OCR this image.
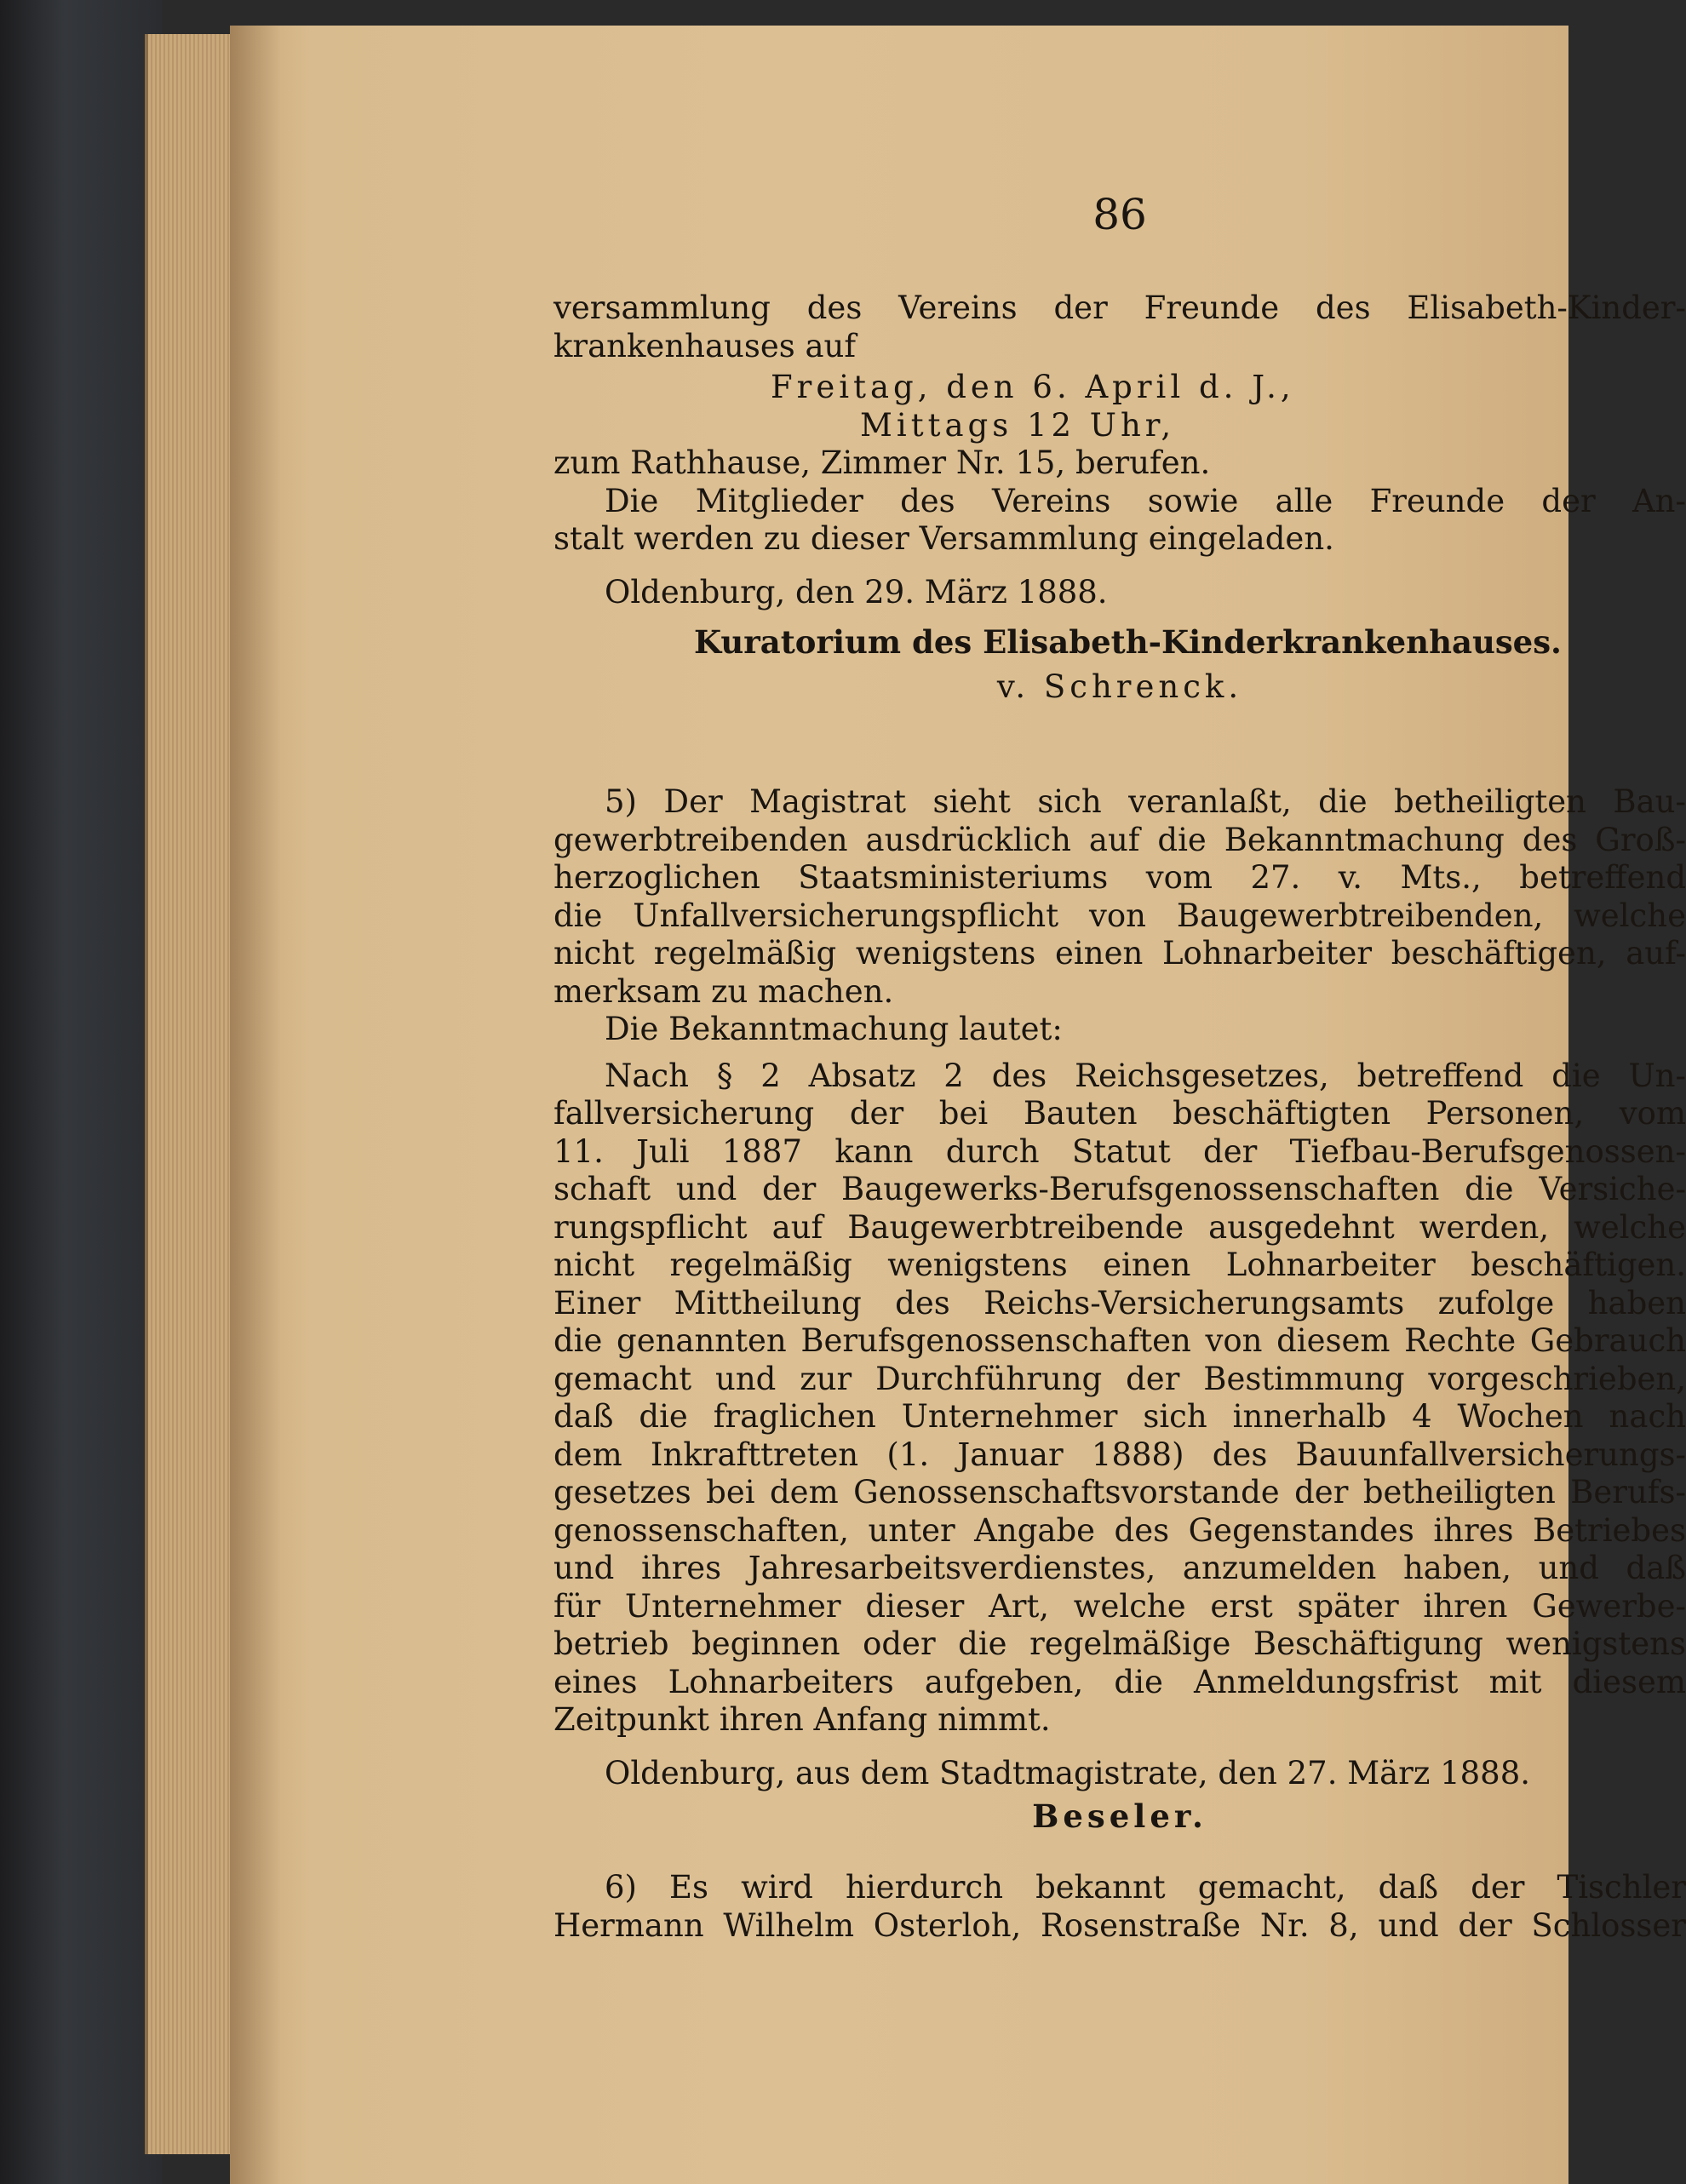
86

versammlung des Vereins der Freunde des Elisabeth-Kinder-

krankenhauses auf

Freitag, den 6. April d. J.,

Mittags 12 Uhr,

zum Rathhause, Zimmer Nr. 15, berufen.

Die Mitglieder des Vereins sowie alle Freunde der An-

stalt werden zu dieser Versammlung eingeladen.

Oldenburg, den 29. März 1888.

Kuratorium des Elisabeth-Kinderkrankenhauses.

v. Schrenck.

5) Der Magistrat sieht sich veranlaßt, die betheiligten Bau-

gewerbtreibenden ausdrücklich auf die Bekanntmachung des Groß-

herzoglichen Staatsministeriums vom 27. v. Mts., betreffend

die Unfallversicherungspflicht von Baugewerbtreibenden, welche

nicht regelmäßig wenigstens einen Lohnarbeiter beschäftigen, auf-

merksam zu machen.

Die Bekanntmachung lautet:

Nach § 2 Absatz 2 des Reichsgesetzes, betreffend die Un-

fallversicherung der bei Bauten beschäftigten Personen, vom

11. Juli 1887 kann durch Statut der Tiefbau-Berufsgenossen-

schaft und der Baugewerks-Berufsgenossenschaften die Versiche-

rungspflicht auf Baugewerbtreibende ausgedehnt werden, welche

nicht regelmäßig wenigstens einen Lohnarbeiter beschäftigen.

Einer Mittheilung des Reichs-Versicherungsamts zufolge haben

die genannten Berufsgenossenschaften von diesem Rechte Gebrauch

gemacht und zur Durchführung der Bestimmung vorgeschrieben,

daß die fraglichen Unternehmer sich innerhalb 4 Wochen nach

dem Inkrafttreten (1. Januar 1888) des Bauunfallversicherungs-

gesetzes bei dem Genossenschaftsvorstande der betheiligten Berufs-

genossenschaften, unter Angabe des Gegenstandes ihres Betriebes

und ihres Jahresarbeitsverdienstes, anzumelden haben, und daß

für Unternehmer dieser Art, welche erst später ihren Gewerbe-

betrieb beginnen oder die regelmäßige Beschäftigung wenigstens

eines Lohnarbeiters aufgeben, die Anmeldungsfrist mit diesem

Zeitpunkt ihren Anfang nimmt.

Oldenburg, aus dem Stadtmagistrate, den 27. März 1888.

Beseler.

6) Es wird hierdurch bekannt gemacht, daß der Tischler

Hermann Wilhelm Osterloh, Rosenstraße Nr. 8, und der Schlosser
